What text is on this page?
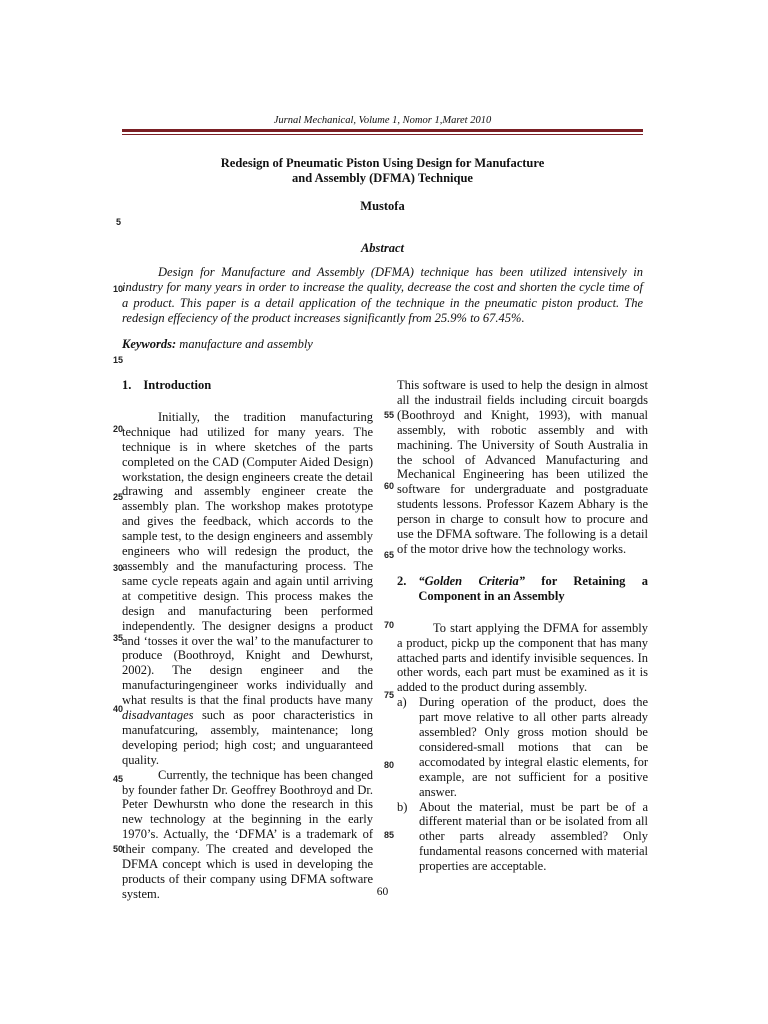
Jurnal Mechanical, Volume 1, Nomor 1,Maret 2010
Redesign of Pneumatic Piston Using Design for Manufacture
and Assembly (DFMA) Technique
Mustofa
Abstract

Design for Manufacture and Assembly (DFMA) technique has been utilized intensively in industry for many years in order to increase the quality, decrease the cost and shorten the cycle time of a product. This paper is a detail application of the technique in the pneumatic piston product. The redesign effeciency of the product increases significantly from 25.9% to 67.45%.

Keywords: manufacture and assembly

5
10
15
20
25
30
35
40
45
50
55
60
65
70
75
80
85

1. Introduction

Initially, the tradition manufacturing technique had utilized for many years. The technique is in where sketches of the parts completed on the CAD (Computer Aided Design) workstation, the design engineers create the detail drawing and assembly engineer create the assembly plan. The workshop makes prototype and gives the feedback, which accords to the sample test, to the design engineers and assembly engineers who will redesign the product, the assembly and the manufacturing process. The same cycle repeats again and again until arriving at competitive design. This process makes the design and manufacturing been performed independently. The designer designs a product and ‘tosses it over the wal’ to the manufacturer to produce (Boothroyd, Knight and Dewhurst, 2002). The design engineer and the manufacturingengineer works individually and what results is that the final products have many disadvantages such as poor characteristics in manufatcuring, assembly, maintenance; long developing period; high cost; and unguaranteed quality.

Currently, the technique has been changed by founder father Dr. Geoffrey Boothroyd and Dr. Peter Dewhurstn who done the research in this new technology at the beginning in the early 1970’s. Actually, the ‘DFMA’ is a trademark of their company. The created and developed the DFMA concept which is used in developing the products of their company using DFMA software system.

This software is used to help the design in almost all the industrail fields including circuit boargds (Boothroyd and Knight, 1993), with manual assembly, with robotic assembly and with machining. The University of South Australia in the school of Advanced Manufacturing and Mechanical Engineering has been utilized the software for undergraduate and postgraduate students lessons. Professor Kazem Abhary is the person in charge to consult how to procure and use the DFMA software. The following is a detail of the motor drive how the technology works.

2. “Golden Criteria” for Retaining a Component in an Assembly

To start applying the DFMA for assembly a product, pickp up the component that has many attached parts and identify invisible sequences. In other words, each part must be examined as it is added to the product during assembly.

a) During operation of the product, does the part move relative to all other parts already assembled? Only gross motion should be considered-small motions that can be accomodated by integral elastic elements, for example, are not sufficient for a positive answer.
b) About the material, must be part be of a different material than or be isolated from all other parts already assembled? Only fundamental reasons concerned with material properties are acceptable.
60
